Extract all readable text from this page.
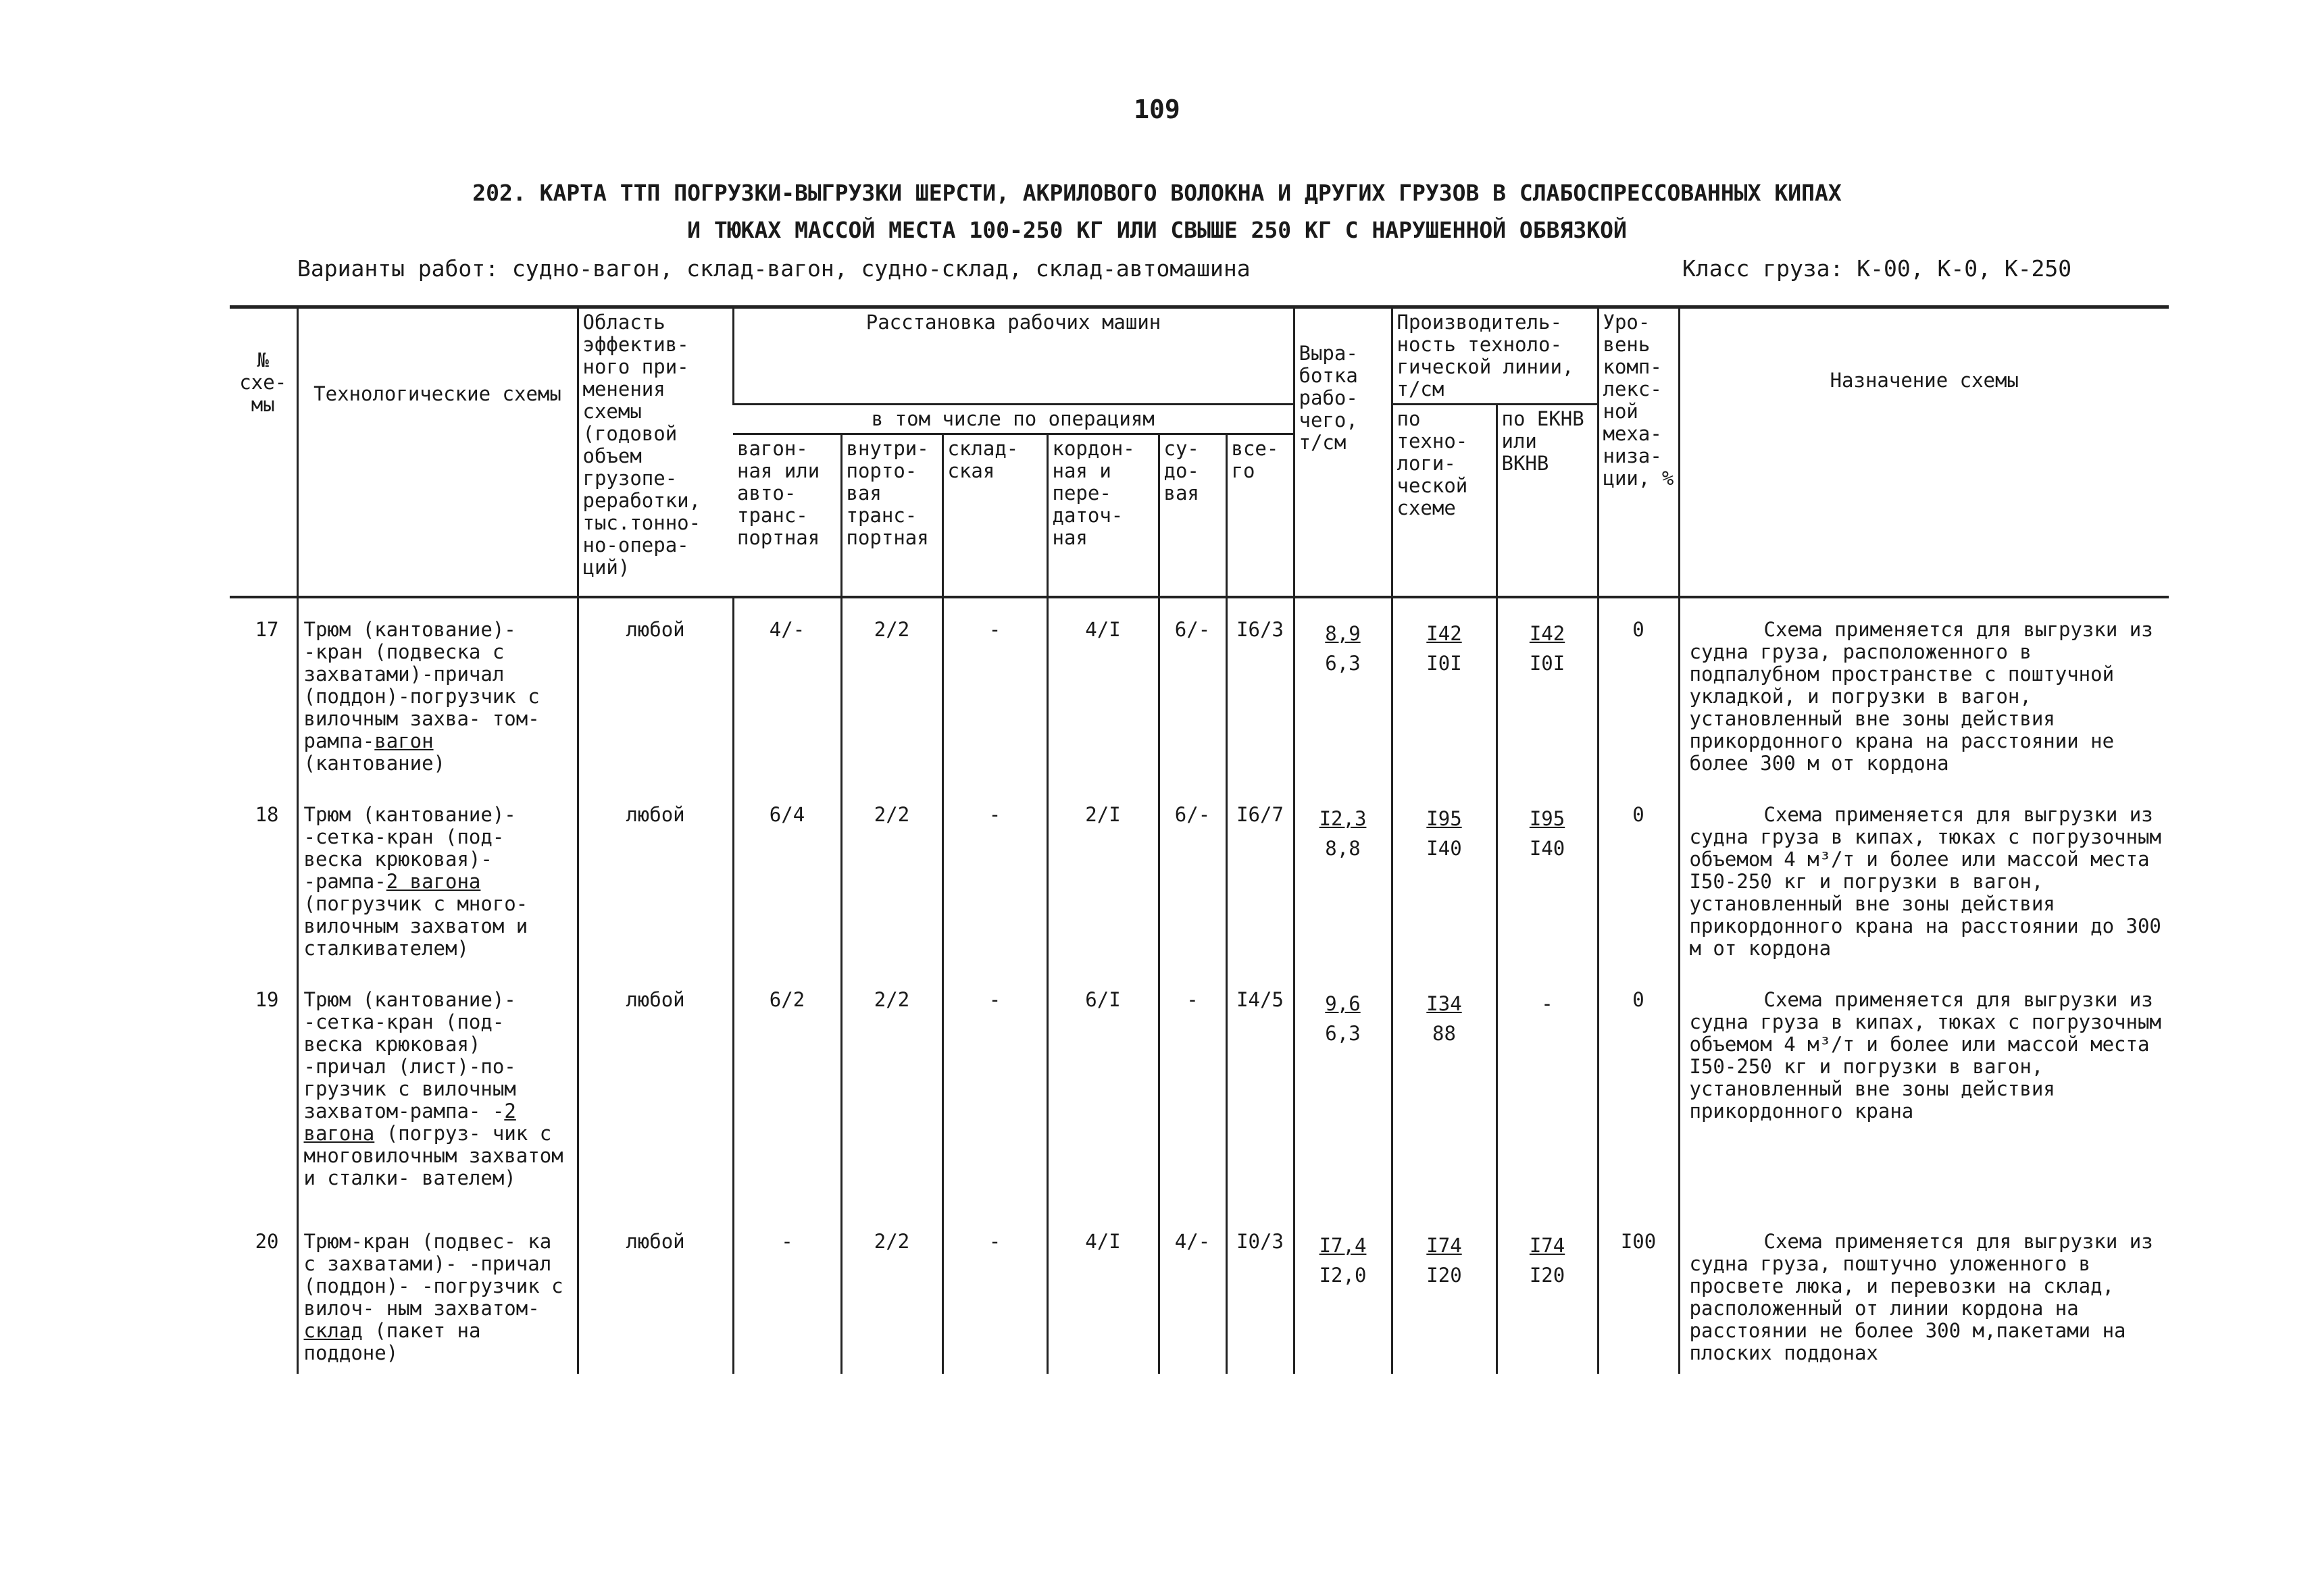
109
202. КАРТА ТТП ПОГРУЗКИ-ВЫГРУЗКИ ШЕРСТИ, АКРИЛОВОГО ВОЛОКНА И ДРУГИХ ГРУЗОВ В СЛАБОСПРЕССОВАННЫХ КИПАХ
И ТЮКАХ МАССОЙ МЕСТА 100-250 КГ ИЛИ СВЫШЕ 250 КГ С НАРУШЕННОЙ ОБВЯЗКОЙ
Варианты работ: судно-вагон, склад-вагон, судно-склад, склад-автомашина	Класс груза: К-00, К-0, К-250
№ схе- мы	Технологические схемы	Область эффектив- ного при- менения схемы (годовой объем грузопе- реработки, тыс.тонно- но-опера- ций)	Расстановка рабочих машин						Выра- ботка рабо- чего, т/см	Производитель- ность техноло- гической линии, т/см		Уро- вень комп- лекс- ной меха- низа- ции, %	Назначение схемы
			в том числе по операциям							по техно- логи- ческой схеме	по ЕКНВ или ВКНВ		
			вагон- ная или авто- транс- портная	внутри- порто- вая транс- портная	склад- ская	кордон- ная и пере- даточ- ная	су- до- вая	все- го					
17	Трюм (кантование)- -кран (подвеска с захватами)-причал (поддон)-погрузчик с вилочным захва- том-рампа-вагон (кантование)	любой	4/-	2/2	-	4/I	6/-	I6/3	$\frac{8,9}{6,3}$	$\frac{I42}{I0I}$	$\frac{I42}{I0I}$	0	Схема применяется для выгрузки из судна груза, расположенного в подпалубном пространстве с поштучной укладкой, и погрузки в вагон, установленный вне зоны действия прикордонного крана на расстоянии не более 300 м от кордона
18	Трюм (кантование)- -сетка-кран (под- веска крюковая)- -рампа-2 вагона (погрузчик с много- вилочным захватом и сталкивателем)	любой	6/4	2/2	-	2/I	6/-	I6/7	$\frac{I2,3}{8,8}$	$\frac{I95}{I40}$	$\frac{I95}{I40}$	0	Схема применяется для выгрузки из судна груза в кипах, тюках с погрузочным объемом 4 м³/т и более или массой места I50-250 кг и погрузки в вагон, установленный вне зоны действия прикордонного крана на расстоянии до 300 м от кордона
19	Трюм (кантование)- -сетка-кран (под- веска крюковая) -причал (лист)-по- грузчик с вилочным захватом-рампа- -2 вагона (погруз- чик с многовилочным захватом и сталки- вателем)	любой	6/2	2/2	-	6/I	-	I4/5	$\frac{9,6}{6,3}$	$\frac{I34}{88}$	-	0	Схема применяется для выгрузки из судна груза в кипах, тюках с погрузочным объемом 4 м³/т и более или массой места I50-250 кг и погрузки в вагон, установленный вне зоны действия прикордонного крана
20	Трюм-кран (подвес- ка с захватами)- -причал (поддон)- -погрузчик с вилоч- ным захватом-склад (пакет на поддоне)	любой	-	2/2	-	4/I	4/-	I0/3	$\frac{I7,4}{I2,0}$	$\frac{I74}{I20}$	$\frac{I74}{I20}$	I00	Схема применяется для выгрузки из судна груза, поштучно уложенного в просвете люка, и перевозки на склад, расположенный от линии кордона на расстоянии не более 300 м,пакетами на плоских поддонах
